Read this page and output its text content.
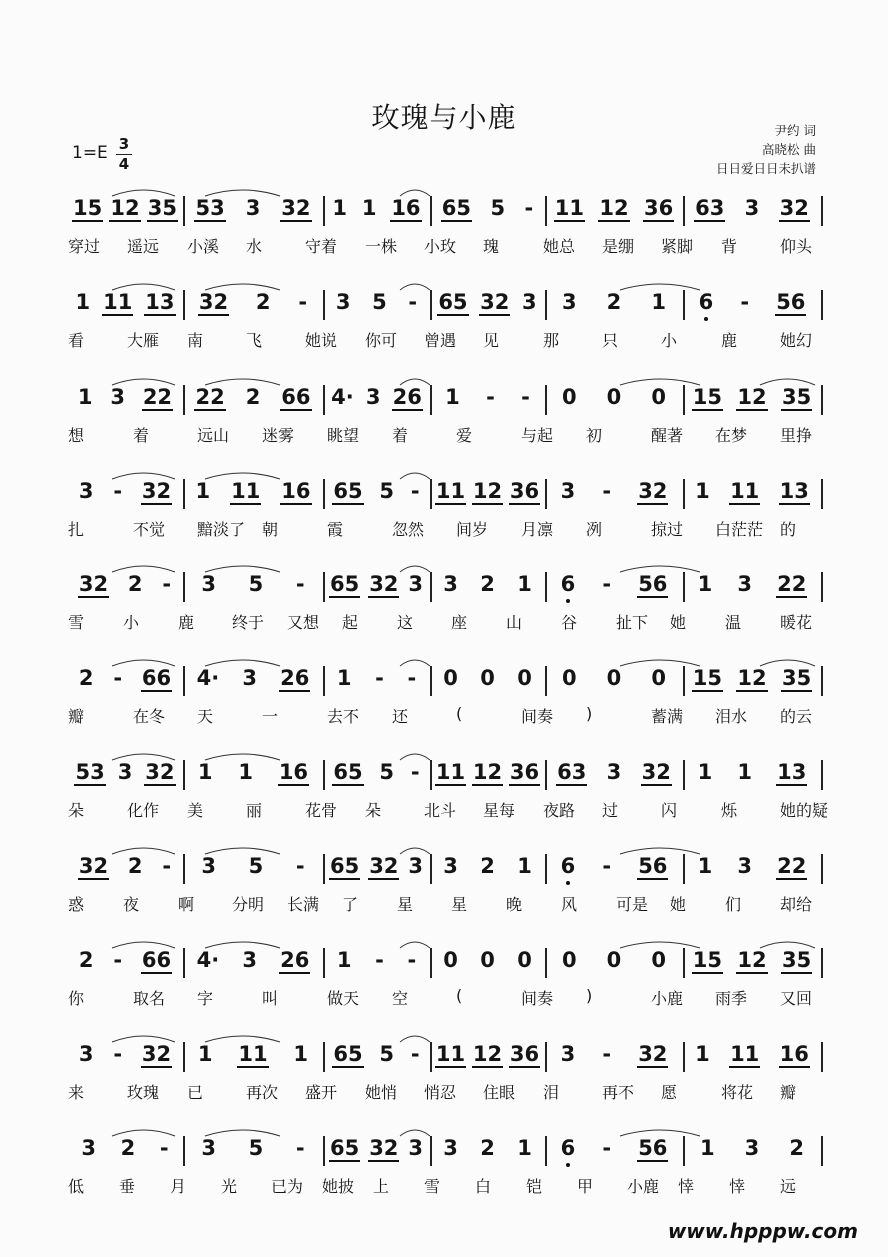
玫瑰与小鹿
1=E 3
4
尹约 词
高晓松 曲
日日爱日日未扒谱
15 12 35 53 3 32 1 1 16 65 5 - 11 12 36 63 3 32
穿过 遥远 小溪 水	守着 一株 小玫 瑰	她总 是绷 紧脚 背	仰头
1 11 13 32 2 - 3 5 - 65 32 3 3 2 1 6 - 56
看	大雁 南	飞	她说 你可 曾遇 见	那	只	小	鹿	她幻
1 3 22 22 2 66 4· 3 26 1 - - 0 0 0 15 12 35
想	着	远山 迷雾 眺望 着	爱	与起 初	醒著 在梦 里挣
3 - 32 1 11 16 65 5 - 11 12 36 3 - 32 1 11 13
扎	不觉 黯淡了 朝	霞	忽然 间岁 月凛 冽	掠过 白茫茫 的
32 2 - 3 5 - 65 32 3 3 2 1 6 - 56 1 3 22
雪 小 鹿 终于 又想 起 这 座 山 谷 扯下 她 温 暖花
2 - 66 4· 3 26 1 - - 0 0 0 0 0 0 15 12 35
瓣	在冬 天	一	去不 还	(	间奏 )	蓄满 泪水 的云
53 3 32 1 1 16 65 5 - 11 12 36 63 3 32 1 1 13
朵	化作 美	丽	花骨 朵	北斗 星每 夜路 过	闪	烁	她的疑
32 2 - 3 5 - 65 32 3 3 2 1 6 - 56 1 3 22
惑 夜 啊 分明 长满 了 星 星 晚 风 可是 她 们 却给
2 - 66 4· 3 26 1 - - 0 0 0 0 0 0 15 12 35
你	取名 字	叫	做天 空	(	间奏 )	小鹿 雨季 又回
3 - 32 1 11 1 65 5 - 11 12 36 3 - 32 1 11 16
来	玫瑰 已	再次 盛开 她悄 悄忍 住眼 泪	再不 愿	将花 瓣
3 2 - 3 5 - 65 32 3 3 2 1 6 - 56 1 3 2
低 垂 月 光 已为 她披 上 雪 白 铠 甲 小鹿 悻 悻 远
www.hpppw.com
